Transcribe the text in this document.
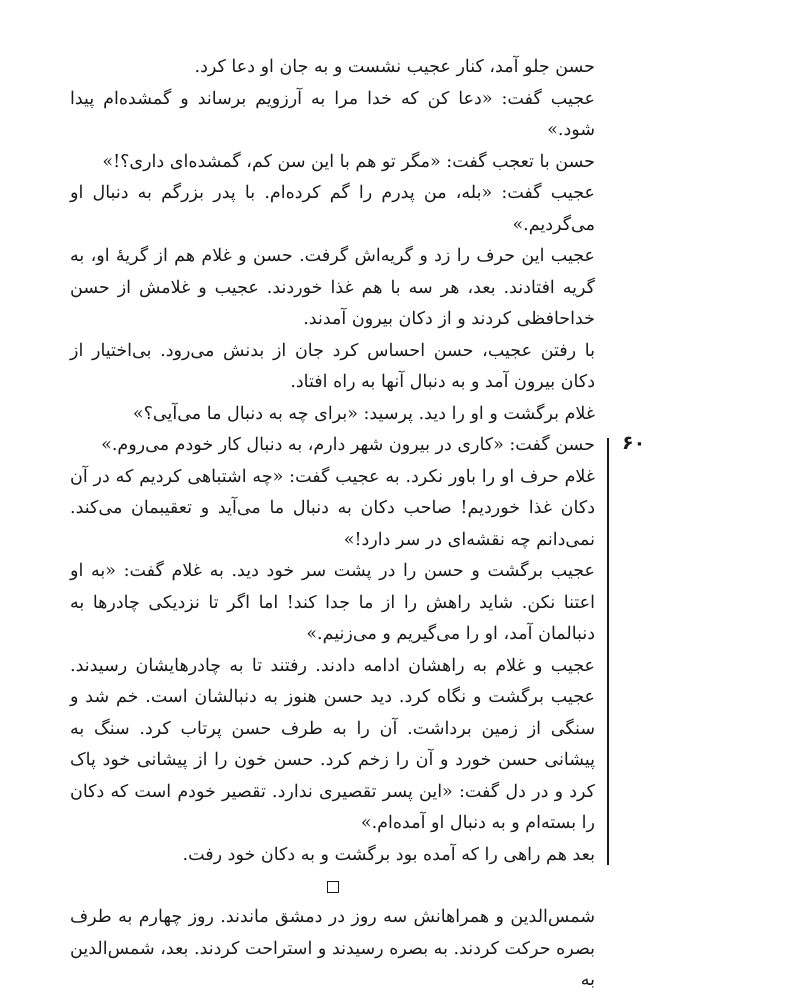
حسن جلو آمد، کنار عجیب نشست و به جان او دعا کرد.

عجیب گفت: «دعا کن که خدا مرا به آرزویم برساند و گمشده‌ام پیدا شود.»

حسن با تعجب گفت: «مگر تو هم با این سن کم، گمشده‌ای داری؟!»

عجیب گفت: «بله، من پدرم را گم کرده‌ام. با پدر بزرگم به دنبال او می‌گردیم.»

عجیب این حرف را زد و گریه‌اش گرفت. حسن و غلام هم از گریهٔ او، به گریه افتادند. بعد، هر سه با هم غذا خوردند. عجیب و غلامش از حسن خداحافظی کردند و از دکان بیرون آمدند.

با رفتن عجیب، حسن احساس کرد جان از بدنش می‌رود. بی‌اختیار از دکان بیرون آمد و به دنبال آنها به راه افتاد.

غلام برگشت و او را دید. پرسید: «برای چه به دنبال ما می‌آیی؟»

حسن گفت: «کاری در بیرون شهر دارم، به دنبال کار خودم می‌روم.»

غلام حرف او را باور نکرد. به عجیب گفت: «چه اشتباهی کردیم که در آن دکان غذا خوردیم! صاحب دکان به دنبال ما می‌آید و تعقیبمان می‌کند. نمی‌دانم چه نقشه‌ای در سر دارد!»

عجیب برگشت و حسن را در پشت سر خود دید. به غلام گفت: «به او اعتنا نکن. شاید راهش را از ما جدا کند! اما اگر تا نزدیکی چادرها به دنبالمان آمد، او را می‌گیریم و می‌زنیم.»

عجیب و غلام به راهشان ادامه دادند. رفتند تا به چادرهایشان رسیدند. عجیب برگشت و نگاه کرد. دید حسن هنوز به دنبالشان است. خم شد و سنگی از زمین برداشت. آن را به طرف حسن پرتاب کرد. سنگ به پیشانی حسن خورد و آن را زخم کرد. حسن خون را از پیشانی خود پاک کرد و در دل گفت: «این پسر تقصیری ندارد. تقصیر خودم است که دکان را بسته‌ام و به دنبال او آمده‌ام.»

بعد هم راهی را که آمده بود برگشت و به دکان خود رفت.

شمس‌الدین و همراهانش سه روز در دمشق ماندند. روز چهارم به طرف بصره حرکت کردند. به بصره رسیدند و استراحت کردند. بعد، شمس‌الدین به

۶۰
